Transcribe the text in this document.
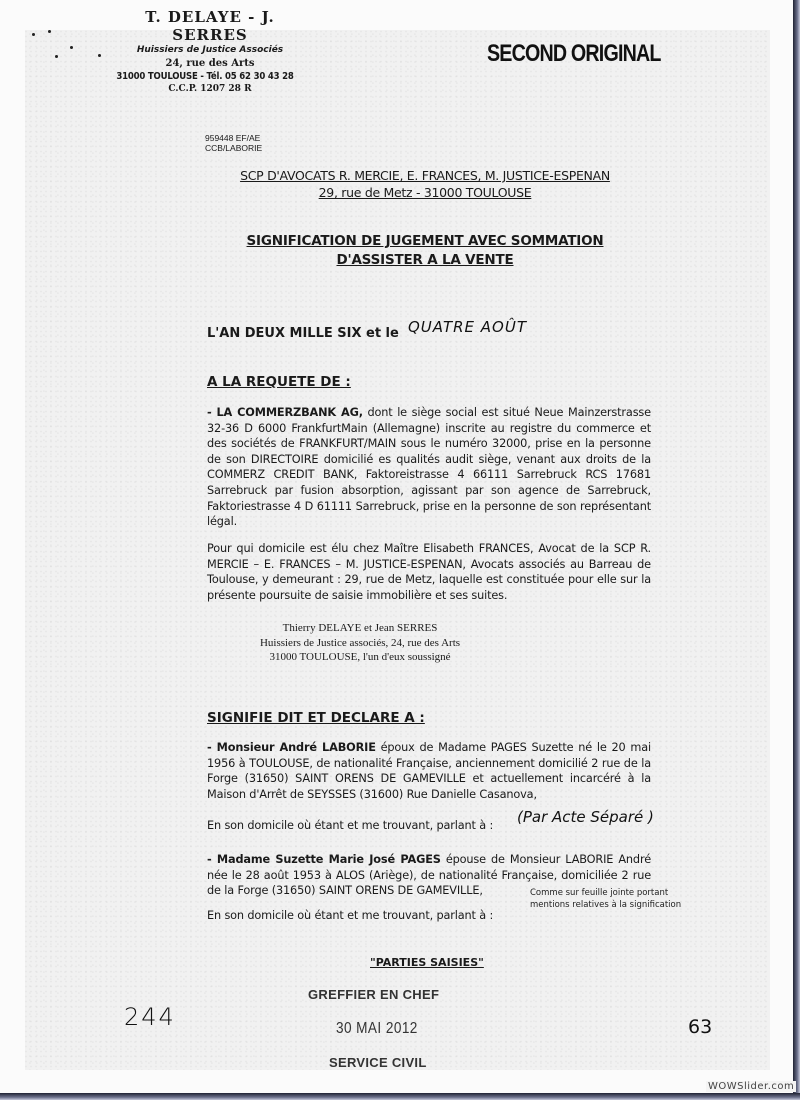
T. DELAYE - J. SERRES
Huissiers de Justice Associés
24, rue des Arts
31000 TOULOUSE - Tél. 05 62 30 43 28
C.C.P. 1207 28 R
SECOND ORIGINAL
959448 EF/AE
CCB/LABORIE
SCP D'AVOCATS R. MERCIE, E. FRANCES, M. JUSTICE-ESPENAN
29, rue de Metz - 31000 TOULOUSE
SIGNIFICATION DE JUGEMENT AVEC SOMMATION
D'ASSISTER A LA VENTE
L'AN DEUX MILLE SIX et le QUATRE AOÛT
A LA REQUETE DE :
- LA COMMERZBANK AG, dont le siège social est situé Neue Mainzerstrasse 32-36 D 6000 FrankfurtMain (Allemagne) inscrite au registre du commerce et des sociétés de FRANKFURT/MAIN sous le numéro 32000, prise en la personne de son DIRECTOIRE domicilié es qualités audit siège, venant aux droits de la COMMERZ CREDIT BANK, Faktoreistrasse 4 66111 Sarrebruck RCS 17681 Sarrebruck par fusion absorption, agissant par son agence de Sarrebruck, Faktoriestrasse 4 D 61111 Sarrebruck, prise en la personne de son représentant légal.
Pour qui domicile est élu chez Maître Elisabeth FRANCES, Avocat de la SCP R. MERCIE – E. FRANCES – M. JUSTICE-ESPENAN, Avocats associés au Barreau de Toulouse, y demeurant : 29, rue de Metz, laquelle est constituée pour elle sur la présente poursuite de saisie immobilière et ses suites.
Thierry DELAYE et Jean SERRES
Huissiers de Justice associés, 24, rue des Arts
31000 TOULOUSE, l'un d'eux soussigné
SIGNIFIE DIT ET DECLARE A :
- Monsieur André LABORIE époux de Madame PAGES Suzette né le 20 mai 1956 à TOULOUSE, de nationalité Française, anciennement domicilié 2 rue de la Forge (31650) SAINT ORENS DE GAMEVILLE et actuellement incarcéré à la Maison d'Arrêt de SEYSSES (31600) Rue Danielle Casanova,
En son domicile où étant et me trouvant, parlant à :	(Par Acte Séparé )
- Madame Suzette Marie José PAGES épouse de Monsieur LABORIE André née le 28 août 1953 à ALOS (Ariège), de nationalité Française, domiciliée 2 rue de la Forge (31650) SAINT ORENS DE GAMEVILLE,
En son domicile où étant et me trouvant, parlant à :
Comme sur feuille jointe portant mentions relatives à la signification
"PARTIES SAISIES"
GREFFIER EN CHEF
30 MAI 2012
SERVICE CIVIL
244	63
WOWSlider.com
